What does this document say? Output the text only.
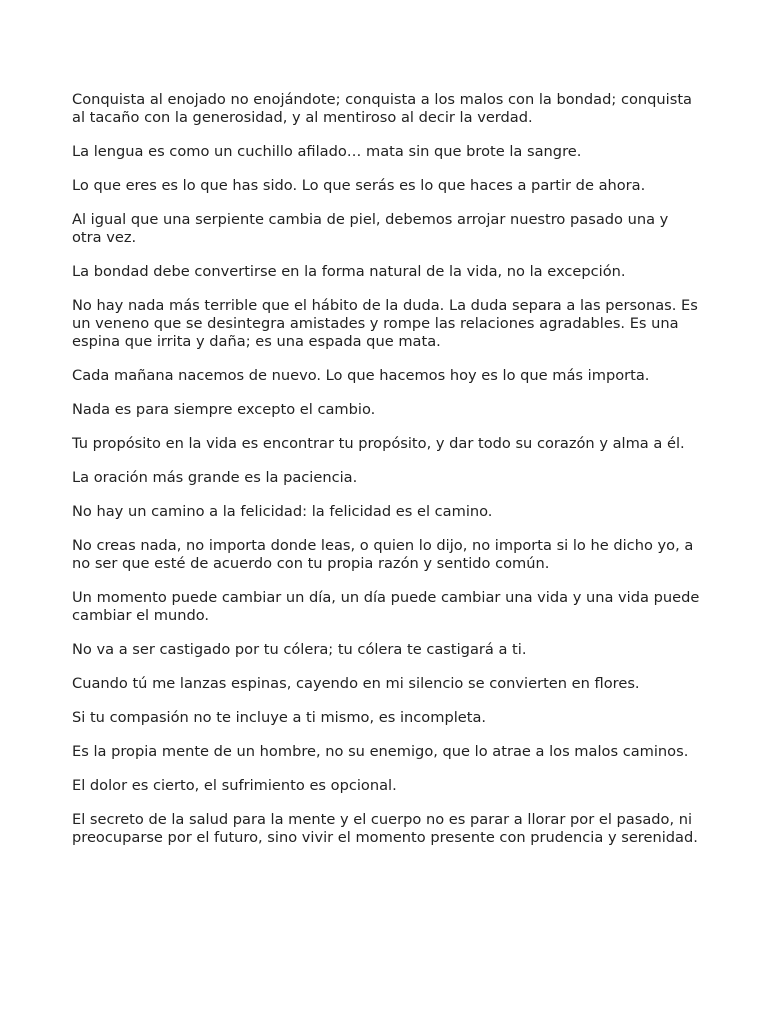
Conquista al enojado no enojándote; conquista a los malos con la bondad; conquista al tacaño con la generosidad, y al mentiroso al decir la verdad.

La lengua es como un cuchillo afilado… mata sin que brote la sangre.

Lo que eres es lo que has sido. Lo que serás es lo que haces a partir de ahora.

Al igual que una serpiente cambia de piel, debemos arrojar nuestro pasado una y otra vez.

La bondad debe convertirse en la forma natural de la vida, no la excepción.

No hay nada más terrible que el hábito de la duda. La duda separa a las personas. Es un veneno que se desintegra amistades y rompe las relaciones agradables. Es una espina que irrita y daña; es una espada que mata.

Cada mañana nacemos de nuevo. Lo que hacemos hoy es lo que más importa.

Nada es para siempre excepto el cambio.

Tu propósito en la vida es encontrar tu propósito, y dar todo su corazón y alma a él.

La oración más grande es la paciencia.

No hay un camino a la felicidad: la felicidad es el camino.

No creas nada, no importa donde leas, o quien lo dijo, no importa si lo he dicho yo, a no ser que esté de acuerdo con tu propia razón y sentido común.

Un momento puede cambiar un día, un día puede cambiar una vida y una vida puede cambiar el mundo.

No va a ser castigado por tu cólera; tu cólera te castigará a ti.

Cuando tú me lanzas espinas, cayendo en mi silencio se convierten en flores.

Si tu compasión no te incluye a ti mismo, es incompleta.

Es la propia mente de un hombre, no su enemigo, que lo atrae a los malos caminos.

El dolor es cierto, el sufrimiento es opcional.

El secreto de la salud para la mente y el cuerpo no es parar a llorar por el pasado, ni preocuparse por el futuro, sino vivir el momento presente con prudencia y serenidad.
